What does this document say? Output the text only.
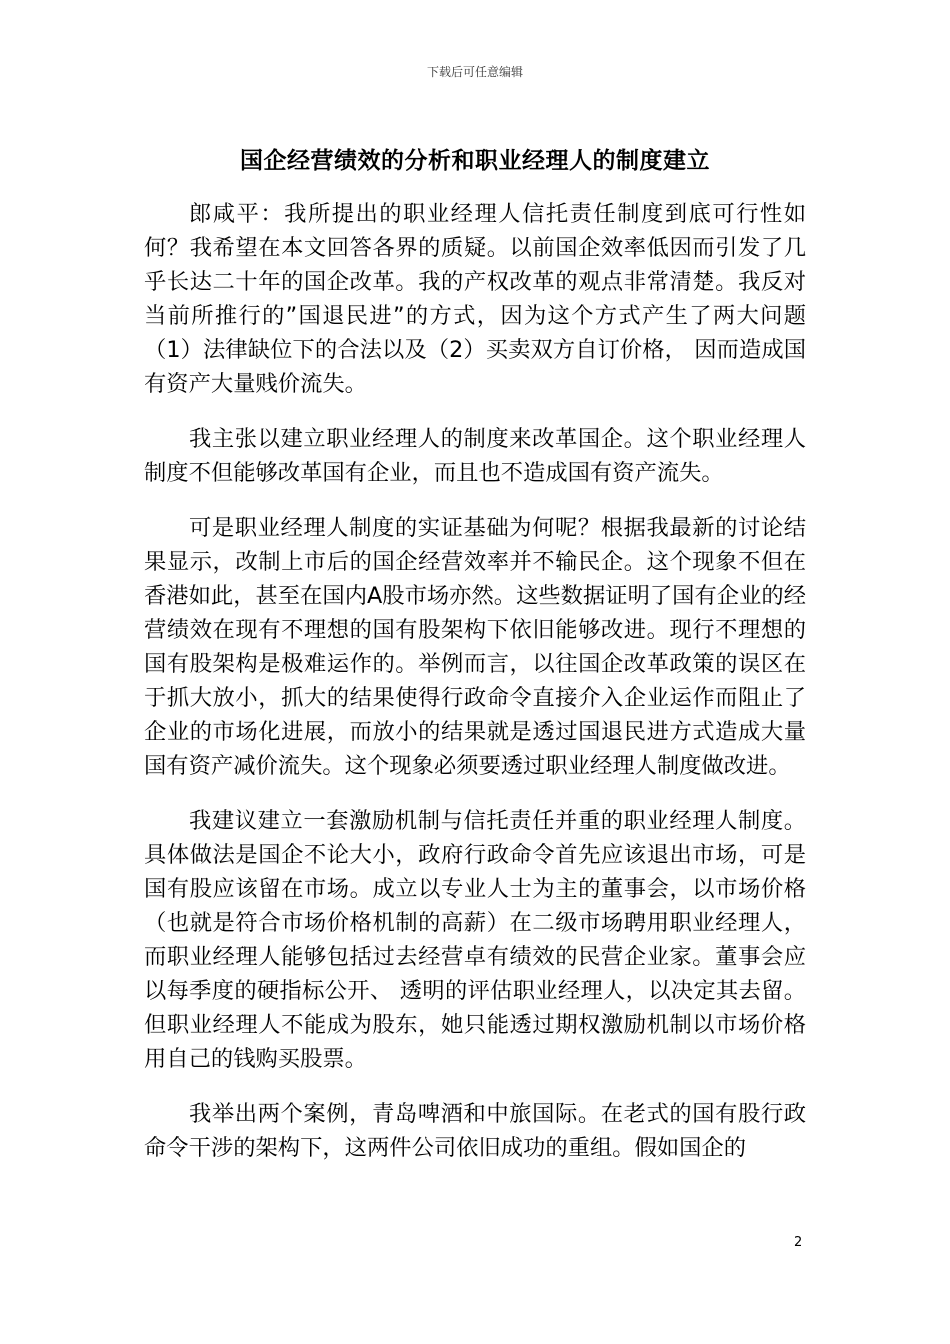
下载后可任意编辑
国企经营绩效的分析和职业经理人的制度建立

郎咸平：我所提出的职业经理人信托责任制度到底可行性如何？我希望在本文回答各界的质疑。以前国企效率低因而引发了几乎长达二十年的国企改革。我的产权改革的观点非常清楚。我反对当前所推行的”国退民进”的方式，因为这个方式产生了两大问题（1）法律缺位下的合法以及（2）买卖双方自订价格， 因而造成国有资产大量贱价流失。

我主张以建立职业经理人的制度来改革国企。这个职业经理人制度不但能够改革国有企业，而且也不造成国有资产流失。

可是职业经理人制度的实证基础为何呢？根据我最新的讨论结果显示，改制上市后的国企经营效率并不输民企。这个现象不但在香港如此，甚至在国内A股市场亦然。这些数据证明了国有企业的经营绩效在现有不理想的国有股架构下依旧能够改进。现行不理想的国有股架构是极难运作的。举例而言，以往国企改革政策的误区在于抓大放小，抓大的结果使得行政命令直接介入企业运作而阻止了企业的市场化进展，而放小的结果就是透过国退民进方式造成大量国有资产减价流失。这个现象必须要透过职业经理人制度做改进。

我建议建立一套激励机制与信托责任并重的职业经理人制度。具体做法是国企不论大小，政府行政命令首先应该退出市场，可是国有股应该留在市场。成立以专业人士为主的董事会，以市场价格（也就是符合市场价格机制的高薪）在二级市场聘用职业经理人，而职业经理人能够包括过去经营卓有绩效的民营企业家。董事会应以每季度的硬指标公开、 透明的评估职业经理人，以决定其去留。但职业经理人不能成为股东，她只能透过期权激励机制以市场价格用自己的钱购买股票。

我举出两个案例，青岛啤酒和中旅国际。在老式的国有股行政命令干涉的架构下，这两件公司依旧成功的重组。假如国企的

2
